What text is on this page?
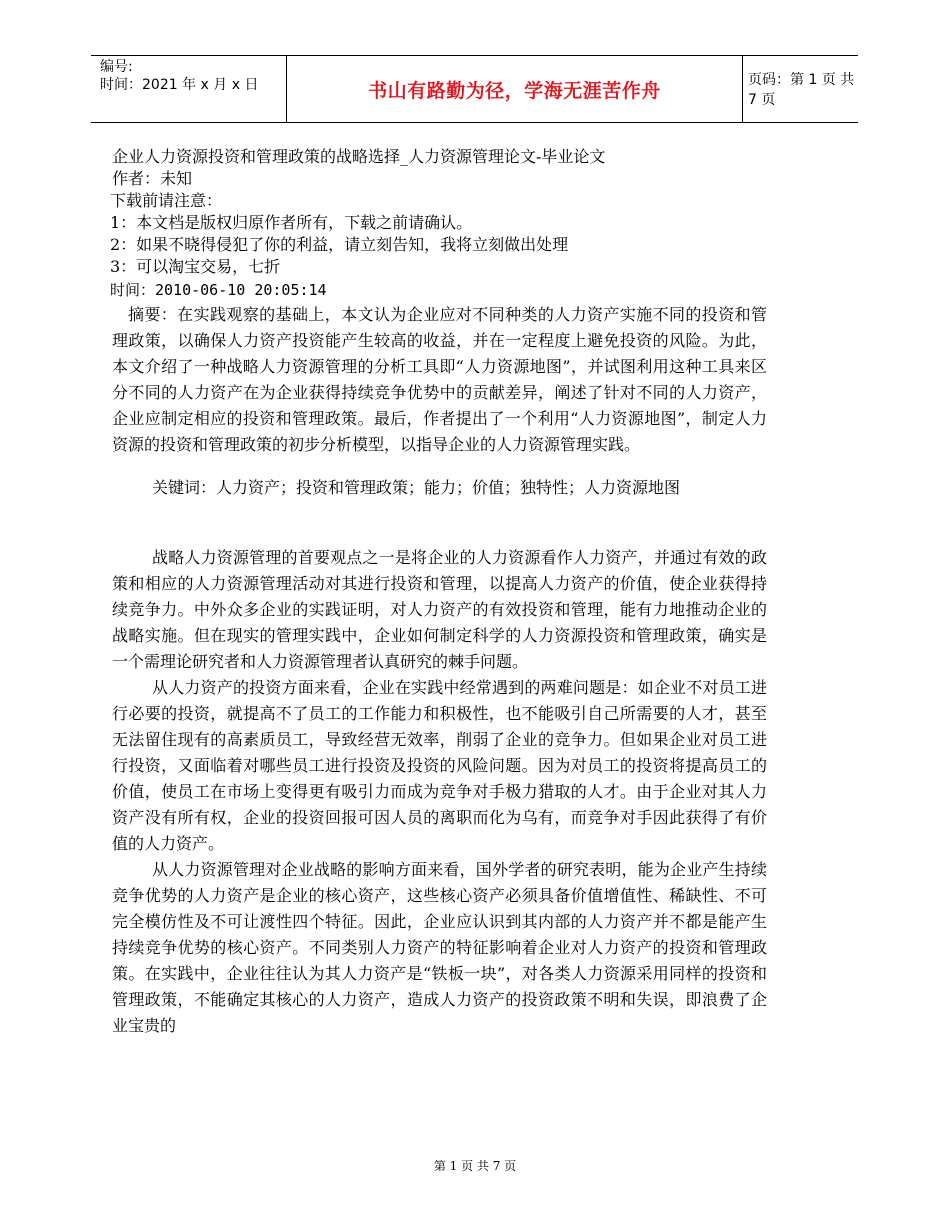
编号:
时间：2021 年 x 月 x 日	书山有路勤为径，学海无涯苦作舟	页码：第 1 页 共 7 页

企业人力资源投资和管理政策的战略选择_人力资源管理论文-毕业论文

作者：未知

下载前请注意：

1：本文档是版权归原作者所有，下载之前请确认。

2：如果不晓得侵犯了你的利益，请立刻告知，我将立刻做出处理

3：可以淘宝交易，七折

时间：2010-06-10 20:05:14

摘要：在实践观察的基础上，本文认为企业应对不同种类的人力资产实施不同的投资和管理政策，以确保人力资产投资能产生较高的收益，并在一定程度上避免投资的风险。为此，本文介绍了一种战略人力资源管理的分析工具即“人力资源地图”，并试图利用这种工具来区分不同的人力资产在为企业获得持续竞争优势中的贡献差异，阐述了针对不同的人力资产，企业应制定相应的投资和管理政策。最后，作者提出了一个利用“人力资源地图”，制定人力资源的投资和管理政策的初步分析模型，以指导企业的人力资源管理实践。

关键词：人力资产；投资和管理政策；能力；价值；独特性；人力资源地图

战略人力资源管理的首要观点之一是将企业的人力资源看作人力资产，并通过有效的政策和相应的人力资源管理活动对其进行投资和管理，以提高人力资产的价值，使企业获得持续竞争力。中外众多企业的实践证明，对人力资产的有效投资和管理，能有力地推动企业的战略实施。但在现实的管理实践中，企业如何制定科学的人力资源投资和管理政策，确实是一个需理论研究者和人力资源管理者认真研究的棘手问题。

从人力资产的投资方面来看，企业在实践中经常遇到的两难问题是：如企业不对员工进行必要的投资，就提高不了员工的工作能力和积极性，也不能吸引自己所需要的人才，甚至无法留住现有的高素质员工，导致经营无效率，削弱了企业的竞争力。但如果企业对员工进行投资，又面临着对哪些员工进行投资及投资的风险问题。因为对员工的投资将提高员工的价值，使员工在市场上变得更有吸引力而成为竞争对手极力猎取的人才。由于企业对其人力资产没有所有权，企业的投资回报可因人员的离职而化为乌有，而竞争对手因此获得了有价值的人力资产。

从人力资源管理对企业战略的影响方面来看，国外学者的研究表明，能为企业产生持续竞争优势的人力资产是企业的核心资产，这些核心资产必须具备价值增值性、稀缺性、不可完全模仿性及不可让渡性四个特征。因此，企业应认识到其内部的人力资产并不都是能产生持续竞争优势的核心资产。不同类别人力资产的特征影响着企业对人力资产的投资和管理政策。在实践中，企业往往认为其人力资产是“铁板一块”，对各类人力资源采用同样的投资和管理政策，不能确定其核心的人力资产，造成人力资产的投资政策不明和失误，即浪费了企业宝贵的

第 1 页 共 7 页
